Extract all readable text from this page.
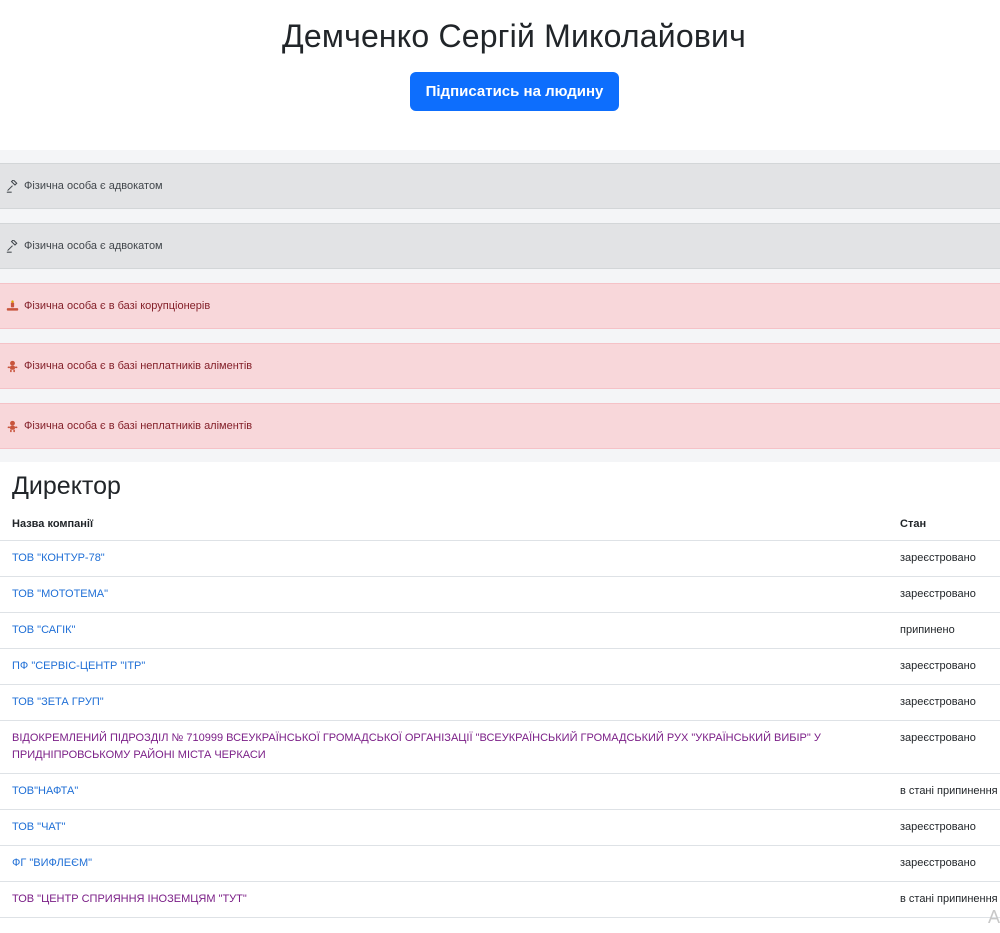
Демченко Сергій Миколайович
Підписатись на людину
Фізична особа є адвокатом
Фізична особа є адвокатом
Фізична особа є в базі корупціонерів
Фізична особа є в базі неплатників аліментів
Фізична особа є в базі неплатників аліментів
Директор
Назва компанії	Стан
ТОВ "КОНТУР-78"	зареєстровано
ТОВ "МОТОТЕМА"	зареєстровано
ТОВ "САГІК"	припинено
ПФ "СЕРВІС-ЦЕНТР "ІТР"	зареєстровано
ТОВ "ЗЕТА ГРУП"	зареєстровано
ВІДОКРЕМЛЕНИЙ ПІДРОЗДІЛ № 710999 ВСЕУКРАЇНСЬКОЇ ГРОМАДСЬКОЇ ОРГАНІЗАЦІЇ "ВСЕУКРАЇНСЬКИЙ ГРОМАДСЬКИЙ РУХ "УКРАЇНСЬКИЙ ВИБІР" У ПРИДНІПРОВСЬКОМУ РАЙОНІ МІСТА ЧЕРКАСИ	зареєстровано
ТОВ"НАФТА"	в стані припинення
ТОВ "ЧАТ"	зареєстровано
ФГ "ВИФЛЕЄМ"	зареєстровано
ТОВ "ЦЕНТР СПРИЯННЯ ІНОЗЕМЦЯМ "ТУТ"	в стані припинення
A
